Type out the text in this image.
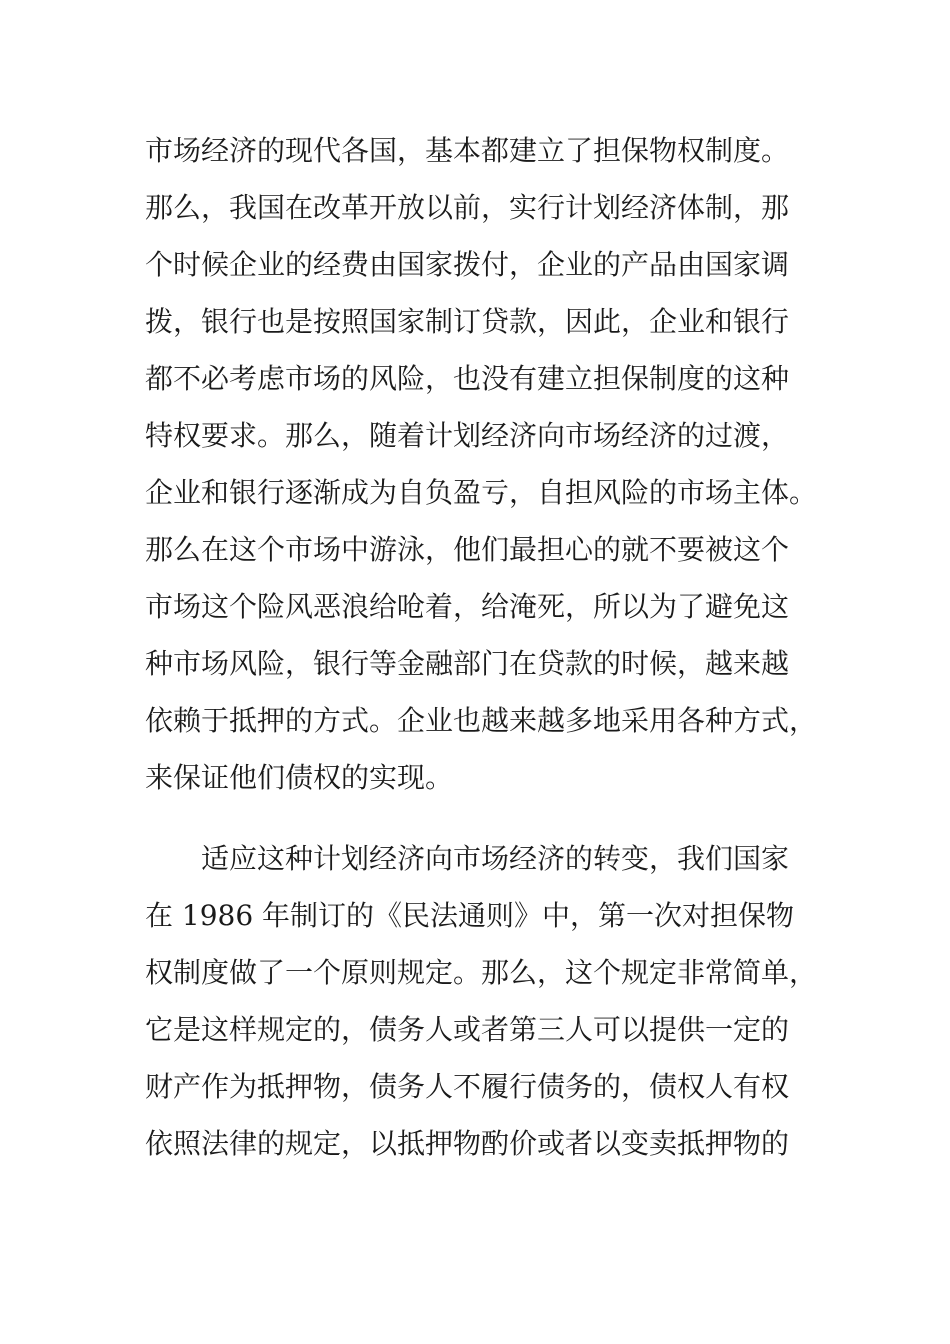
市场经济的现代各国，基本都建立了担保物权制度。
那么，我国在改革开放以前，实行计划经济体制，那
个时候企业的经费由国家拨付，企业的产品由国家调
拨，银行也是按照国家制订贷款，因此，企业和银行
都不必考虑市场的风险，也没有建立担保制度的这种
特权要求。那么，随着计划经济向市场经济的过渡，
企业和银行逐渐成为自负盈亏，自担风险的市场主体。
那么在这个市场中游泳，他们最担心的就不要被这个
市场这个险风恶浪给呛着，给淹死，所以为了避免这
种市场风险，银行等金融部门在贷款的时候，越来越
依赖于抵押的方式。企业也越来越多地采用各种方式，
来保证他们债权的实现。
　　适应这种计划经济向市场经济的转变，我们国家
在 1986 年制订的《民法通则》中，第一次对担保物
权制度做了一个原则规定。那么，这个规定非常简单，
它是这样规定的，债务人或者第三人可以提供一定的
财产作为抵押物，债务人不履行债务的，债权人有权
依照法律的规定，以抵押物酌价或者以变卖抵押物的
